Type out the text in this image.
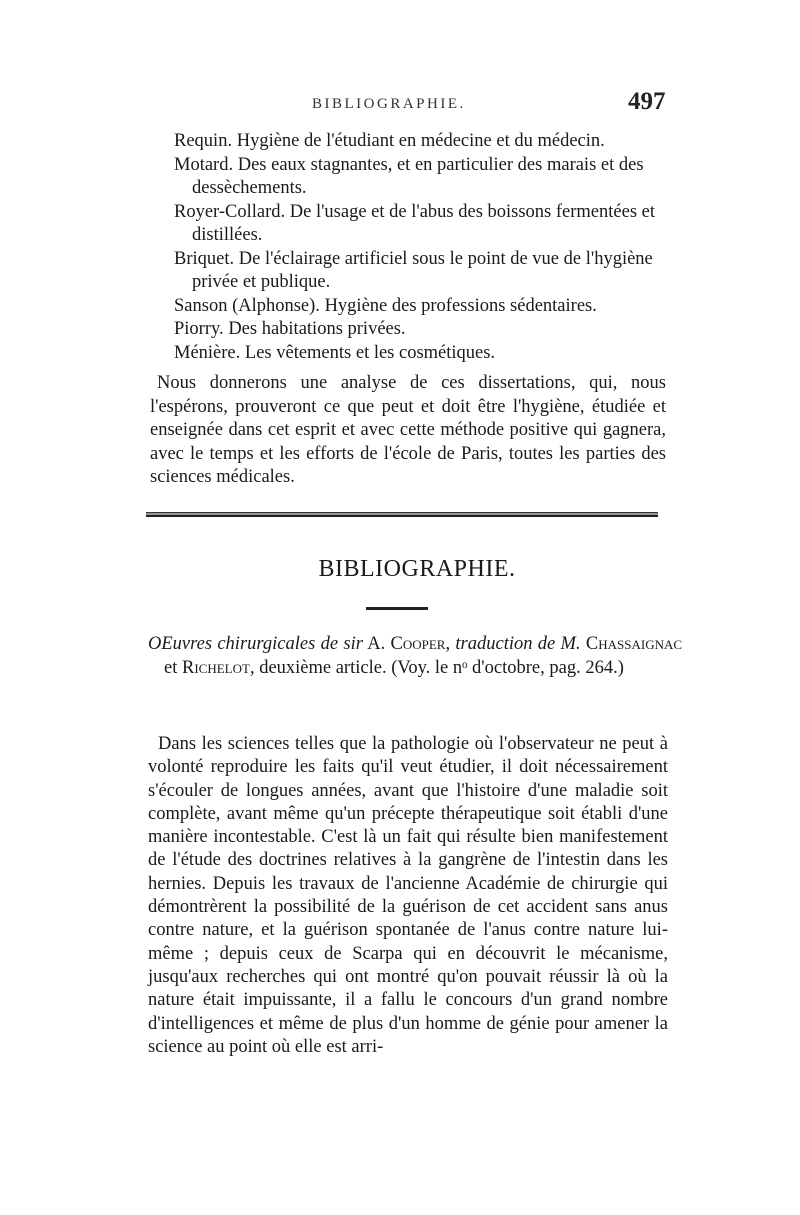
BIBLIOGRAPHIE.	497

Requin. Hygiène de l'étudiant en médecine et du médecin.

Motard. Des eaux stagnantes, et en particulier des marais et des dessèchements.

Royer-Collard. De l'usage et de l'abus des boissons fermentées et distillées.

Briquet. De l'éclairage artificiel sous le point de vue de l'hygiène privée et publique.

Sanson (Alphonse). Hygiène des professions sédentaires.

Piorry. Des habitations privées.

Ménière. Les vêtements et les cosmétiques.

Nous donnerons une analyse de ces dissertations, qui, nous l'espérons, prouveront ce que peut et doit être l'hygiène, étudiée et enseignée dans cet esprit et avec cette méthode positive qui gagnera, avec le temps et les efforts de l'école de Paris, toutes les parties des sciences médicales.

BIBLIOGRAPHIE.

OEuvres chirurgicales de sir A. Cooper, traduction de M. Chassaignac et Richelot, deuxième article. (Voy. le nᵒ d'octobre, pag. 264.)

Dans les sciences telles que la pathologie où l'observateur ne peut à volonté reproduire les faits qu'il veut étudier, il doit nécessairement s'écouler de longues années, avant que l'histoire d'une maladie soit complète, avant même qu'un précepte thérapeutique soit établi d'une manière incontestable. C'est là un fait qui résulte bien manifestement de l'étude des doctrines relatives à la gangrène de l'intestin dans les hernies. Depuis les travaux de l'ancienne Académie de chirurgie qui démontrèrent la possibilité de la guérison de cet accident sans anus contre nature, et la guérison spontanée de l'anus contre nature lui-même ; depuis ceux de Scarpa qui en découvrit le mécanisme, jusqu'aux recherches qui ont montré qu'on pouvait réussir là où la nature était impuissante, il a fallu le concours d'un grand nombre d'intelligences et même de plus d'un homme de génie pour amener la science au point où elle est arri-
